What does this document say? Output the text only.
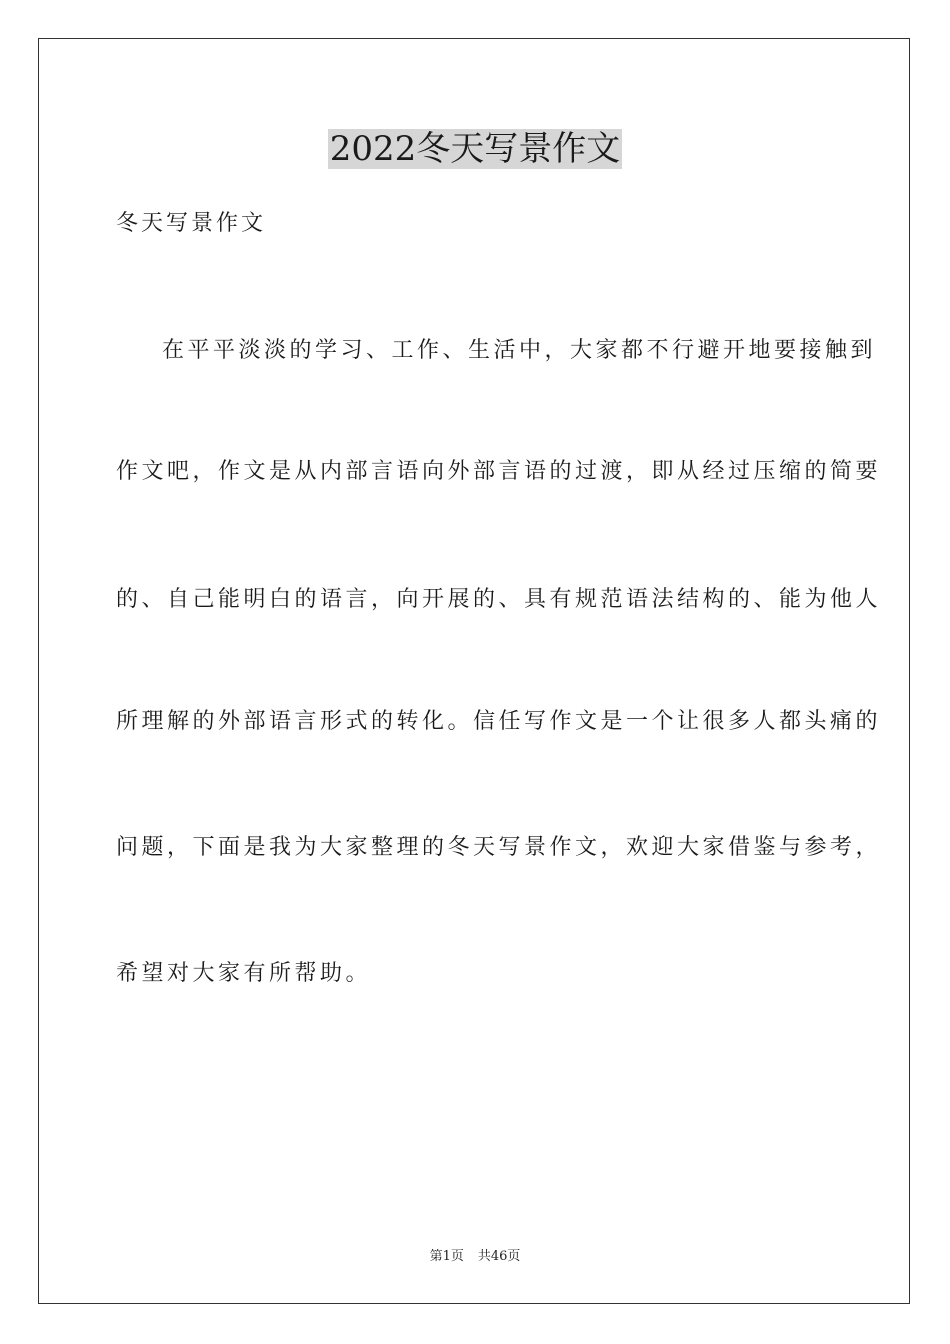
2022冬天写景作文

冬天写景作文

在平平淡淡的学习、工作、生活中，大家都不行避开地要接触到

作文吧，作文是从内部言语向外部言语的过渡，即从经过压缩的简要

的、自己能明白的语言，向开展的、具有规范语法结构的、能为他人

所理解的外部语言形式的转化。信任写作文是一个让很多人都头痛的

问题，下面是我为大家整理的冬天写景作文，欢迎大家借鉴与参考，

希望对大家有所帮助。

第1页 共46页
